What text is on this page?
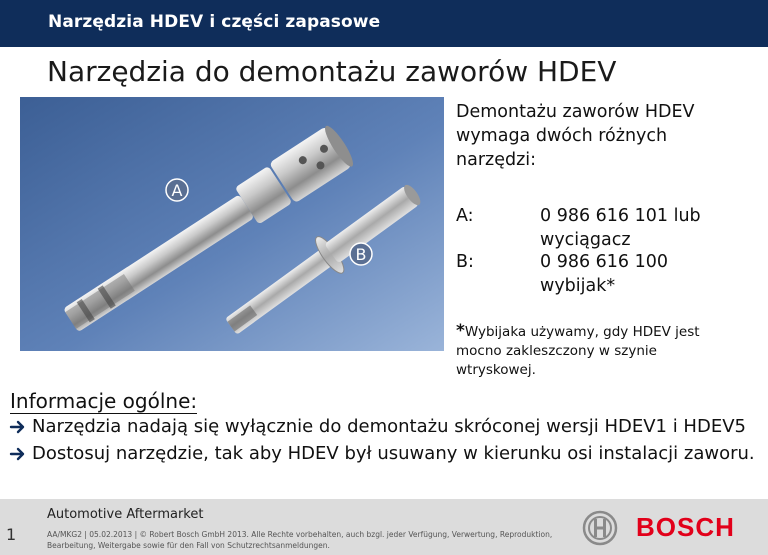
Narzędzia HDEV i części zapasowe
Narzędzia do demontażu zaworów HDEV
A
B
Demontażu zaworów HDEV
wymaga dwóch różnych
narzędzi:
A:	0 986 616 101 lub
wyciągacz
B:	0 986 616 100
wybijak*
*Wybijaka używamy, gdy HDEV jest
mocno zakleszczony w szynie
wtryskowej.
Informacje ogólne:
Narzędzia nadają się wyłącznie do demontażu skróconej wersji HDEV1 i HDEV5
Dostosuj narzędzie, tak aby HDEV był usuwany w kierunku osi instalacji zaworu.
1
Automotive Aftermarket
AA/MKG2 | 05.02.2013 | © Robert Bosch GmbH 2013. Alle Rechte vorbehalten, auch bzgl. jeder Verfügung, Verwertung, Reproduktion,
Bearbeitung, Weitergabe sowie für den Fall von Schutzrechtsanmeldungen.
BOSCH
